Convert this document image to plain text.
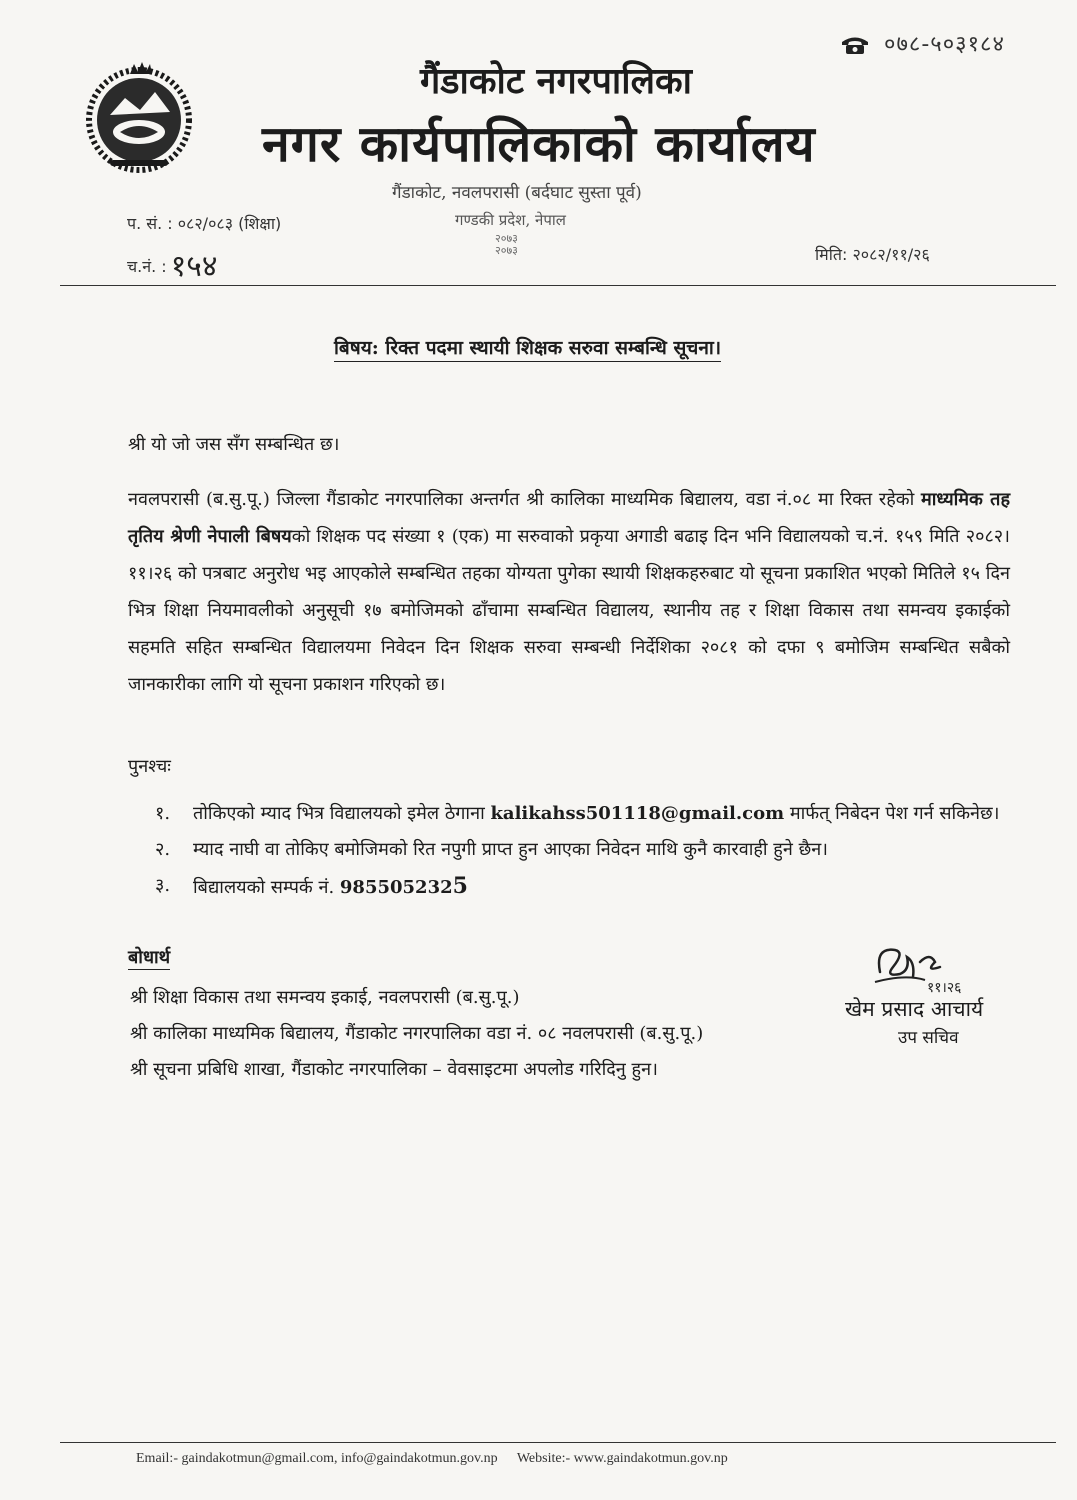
०७८-५०३१८४
गैंडाकोट नगरपालिका
नगर कार्यपालिकाको कार्यालय
गैंडाकोट, नवलपरासी (बर्दघाट सुस्ता पूर्व)
गण्डकी प्रदेश, नेपाल
२०७३
२०७३
प. सं. : ०८२/०८३ (शिक्षा)
च.नं. : १५४	मिति: २०८२/११/२६
बिषय: रिक्त पदमा स्थायी शिक्षक सरुवा सम्बन्धि सूचना।
श्री यो जो जस सँग सम्बन्धित छ।
नवलपरासी (ब.सु.पू.) जिल्ला गैंडाकोट नगरपालिका अन्तर्गत श्री कालिका माध्यमिक बिद्यालय, वडा नं.०८ मा रिक्त रहेको माध्यमिक तह तृतिय श्रेणी नेपाली बिषयको शिक्षक पद संख्या १ (एक) मा सरुवाको प्रकृया अगाडी बढाइ दिन भनि विद्यालयको च.नं. १५९ मिति २०८२।११।२६ को पत्रबाट अनुरोध भइ आएकोले सम्बन्धित तहका योग्यता पुगेका स्थायी शिक्षकहरुबाट यो सूचना प्रकाशित भएको मितिले १५ दिन भित्र शिक्षा नियमावलीको अनुसूची १७ बमोजिमको ढाँचामा सम्बन्धित विद्यालय, स्थानीय तह र शिक्षा विकास तथा समन्वय इकाईको सहमति सहित सम्बन्धित विद्यालयमा निवेदन दिन शिक्षक सरुवा सम्बन्धी निर्देशिका २०८१ को दफा ९ बमोजिम सम्बन्धित सबैको जानकारीका लागि यो सूचना प्रकाशन गरिएको छ।
पुनश्चः
१.	तोकिएको म्याद भित्र विद्यालयको इमेल ठेगाना kalikahss501118@gmail.com मार्फत् निबेदन पेश गर्न सकिनेछ।
२.	म्याद नाघी वा तोकिए बमोजिमको रित नपुगी प्राप्त हुन आएका निवेदन माथि कुनै कारवाही हुने छैन।
३.	बिद्यालयको सम्पर्क नं. 9855052325
बोधार्थ
श्री शिक्षा विकास तथा समन्वय इकाई, नवलपरासी (ब.सु.पू.)
श्री कालिका माध्यमिक बिद्यालय, गैंडाकोट नगरपालिका वडा नं. ०८ नवलपरासी (ब.सु.पू.)
श्री सूचना प्रबिधि शाखा, गैंडाकोट नगरपालिका – वेवसाइटमा अपलोड गरिदिनु हुन।
११।२६
खेम प्रसाद आचार्य
उप सचिव
Email:- gaindakotmun@gmail.com, info@gaindakotmun.gov.np Website:- www.gaindakotmun.gov.np
